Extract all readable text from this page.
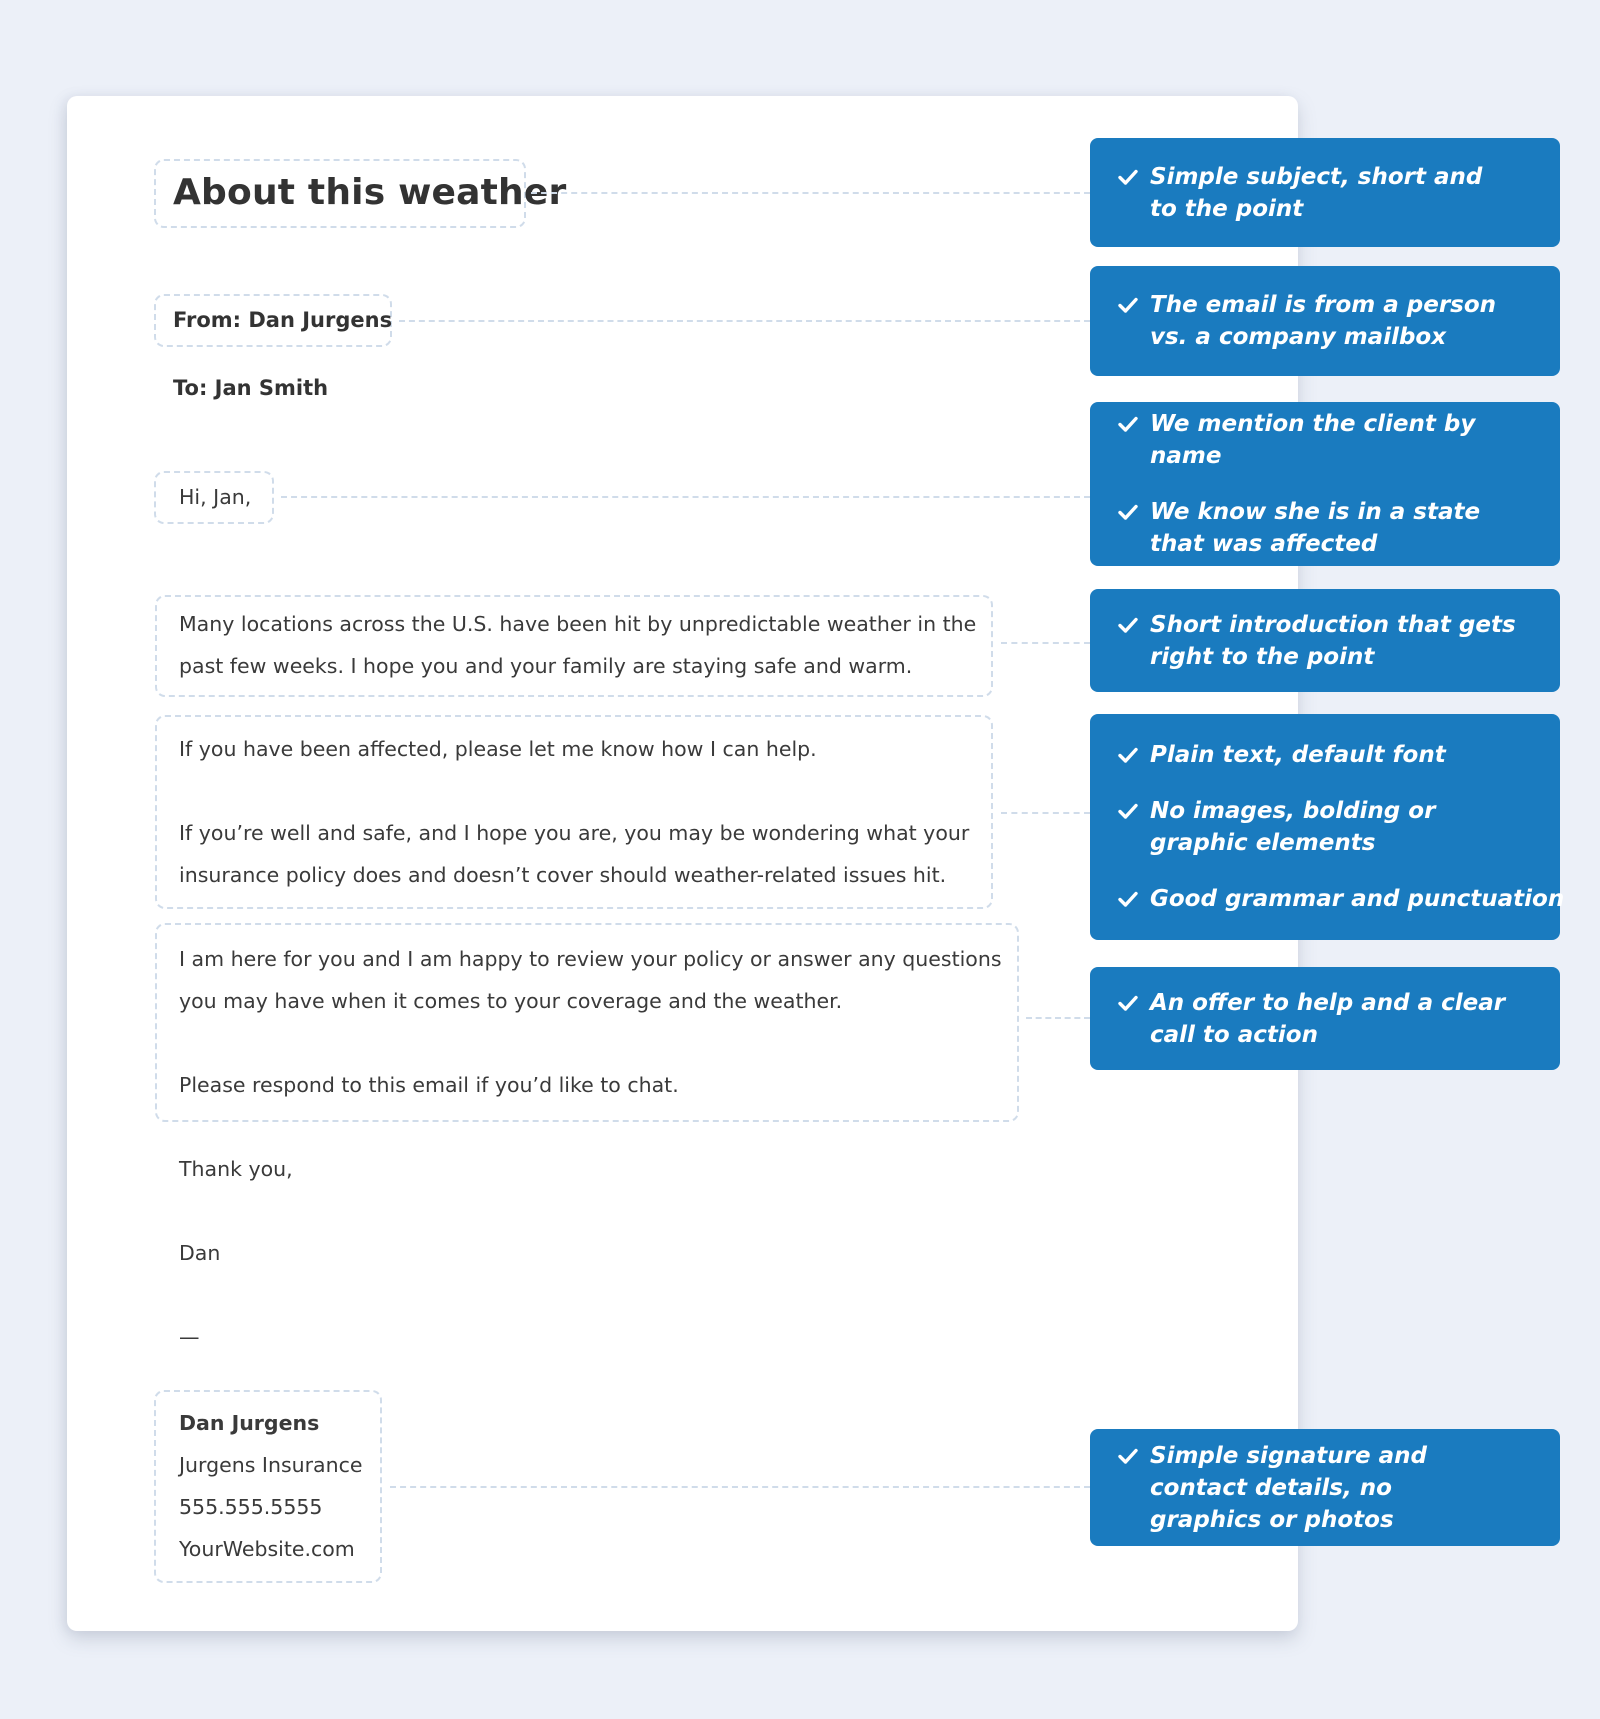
About this weather
From: Dan Jurgens
To: Jan Smith
Hi, Jan,
Many locations across the U.S. have been hit by unpredictable weather in the
past few weeks. I hope you and your family are staying safe and warm.
If you have been affected, please let me know how I can help.
If you’re well and safe, and I hope you are, you may be wondering what your
insurance policy does and doesn’t cover should weather-related issues hit.
I am here for you and I am happy to review your policy or answer any questions
you may have when it comes to your coverage and the weather.
Please respond to this email if you’d like to chat.
Thank you,
Dan
—
Dan Jurgens
Jurgens Insurance
555.555.5555
YourWebsite.com
Simple subject, short and to the point
The email is from a person vs. a company mailbox
We mention the client by name
We know she is in a state that was affected
Short introduction that gets right to the point
Plain text, default font
No images, bolding or graphic elements
Good grammar and punctuation
An offer to help and a clear call to action
Simple signature and contact details, no graphics or photos
